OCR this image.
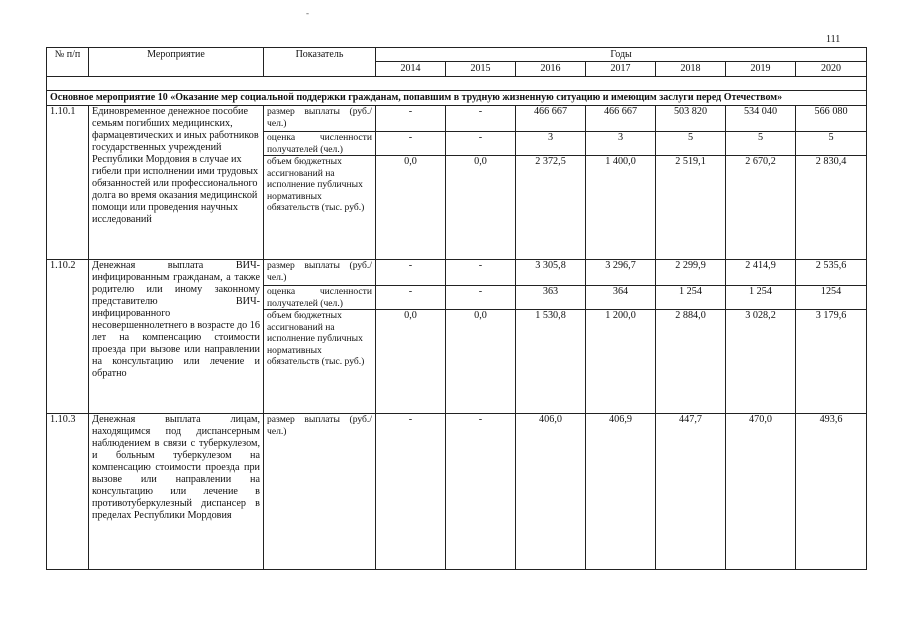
-
111
№ п/п	Мероприятие	Показатель	Годы						
			2014	2015	2016	2017	2018	2019	2020

Основное мероприятие 10 «Оказание мер социальной поддержки гражданам, попавшим в трудную жизненную ситуацию и имеющим заслуги перед Отечеством»									
1.10.1	Единовременное денежное пособие семьям погибших медицинских, фармацевтических и иных работников государственных учреждений Республики Мордовия в случае их гибели при исполнении ими трудовых обязанностей или профессионального долга во время оказания медицинской помощи или проведения научных исследований	размер выплаты (руб./ чел.)	-	-	466 667	466 667	503 820	534 040	566 080
		оценка численности получателей (чел.)	-	-	3	3	5	5	5
		объем бюджетных ассигнований на исполнение публичных нормативных обязательств (тыс. руб.)	0,0	0,0	2 372,5	1 400,0	2 519,1	2 670,2	2 830,4
1.10.2	Денежная выплата ВИЧ-инфицированным гражданам, а также родителю или иному законному представителю ВИЧ-инфицированного несовершеннолетнего в возрасте до 16 лет на компенсацию стоимости проезда при вызове или направлении на консультацию или лечение и обратно	размер выплаты (руб./ чел.)	-	-	3 305,8	3 296,7	2 299,9	2 414,9	2 535,6
		оценка численности получателей (чел.)	-	-	363	364	1 254	1 254	1254
		объем бюджетных ассигнований на исполнение публичных нормативных обязательств (тыс. руб.)	0,0	0,0	1 530,8	1 200,0	2 884,0	3 028,2	3 179,6
1.10.3	Денежная выплата лицам, находящимся под диспансерным наблюдением в связи с туберкулезом, и больным туберкулезом на компенсацию стоимости проезда при вызове или направлении на консультацию или лечение в противотуберкулезный диспансер в пределах Республики Мордовия	размер выплаты (руб./ чел.)	-	-	406,0	406,9	447,7	470,0	493,6
